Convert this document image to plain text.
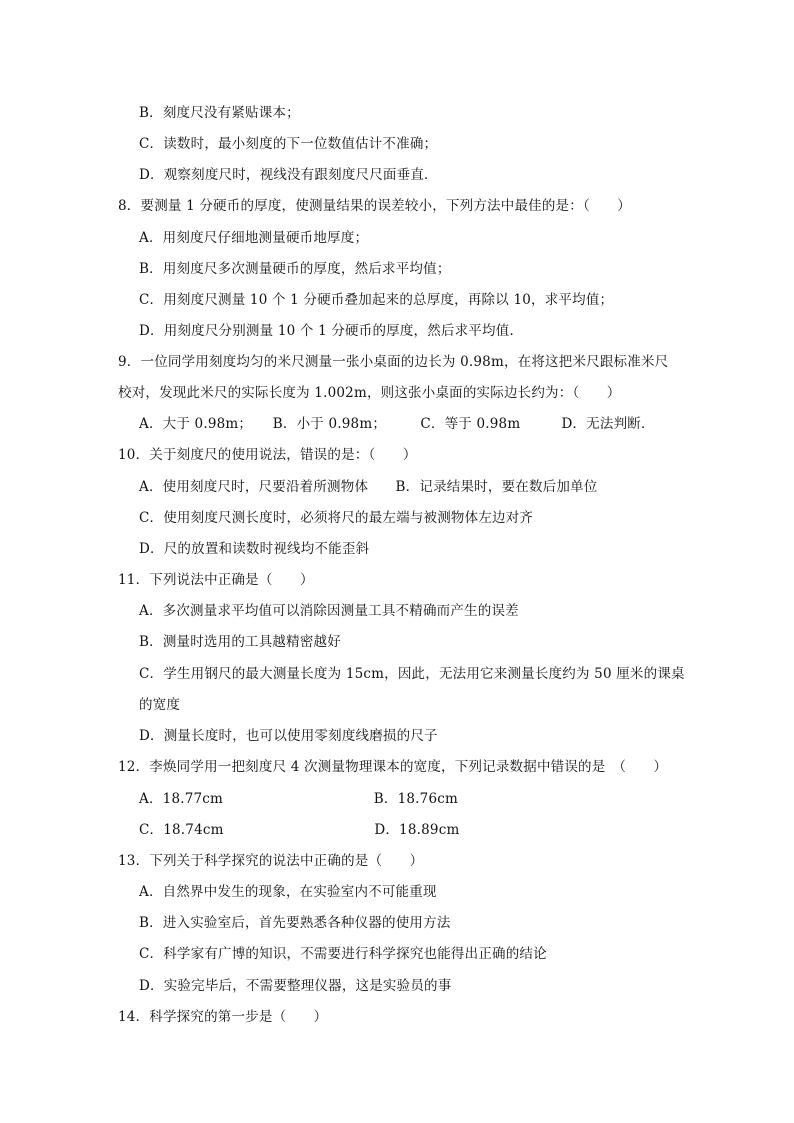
B．刻度尺没有紧贴课本；
C．读数时，最小刻度的下一位数值估计不准确；
D．观察刻度尺时，视线没有跟刻度尺尺面垂直．
8．要测量 1 分硬币的厚度，使测量结果的误差较小，下列方法中最佳的是：（　　）
A．用刻度尺仔细地测量硬币地厚度；
B．用刻度尺多次测量硬币的厚度，然后求平均值；
C．用刻度尺测量 10 个 1 分硬币叠加起来的总厚度，再除以 10，求平均值；
D．用刻度尺分别测量 10 个 1 分硬币的厚度，然后求平均值．
9．一位同学用刻度均匀的米尺测量一张小桌面的边长为 0.98m，在将这把米尺跟标准米尺
校对，发现此米尺的实际长度为 1.002m，则这张小桌面的实际边长约为：（　　）
A．大于 0.98m；　　B．小于 0.98m；　　　C．等于 0.98m　　　D．无法判断．
10．关于刻度尺的使用说法，错误的是：（　　）
A．使用刻度尺时，尺要沿着所测物体　　B．记录结果时，要在数后加单位
C．使用刻度尺测长度时，必须将尺的最左端与被测物体左边对齐
D．尺的放置和读数时视线均不能歪斜
11．下列说法中正确是（　　）
A．多次测量求平均值可以消除因测量工具不精确而产生的误差
B．测量时选用的工具越精密越好
C．学生用钢尺的最大测量长度为 15cm，因此，无法用它来测量长度约为 50 厘米的课桌
的宽度
D．测量长度时，也可以使用零刻度线磨损的尺子
12．李焕同学用一把刻度尺 4 次测量物理课本的宽度，下列记录数据中错误的是　（　　）
A．18.77cm　　　　　　　　　　　B．18.76cm
C．18.74cm　　　　　　　　　　　D．18.89cm
13．下列关于科学探究的说法中正确的是（　　）
A．自然界中发生的现象，在实验室内不可能重现
B．进入实验室后，首先要熟悉各种仪器的使用方法
C．科学家有广博的知识，不需要进行科学探究也能得出正确的结论
D．实验完毕后，不需要整理仪器，这是实验员的事
14．科学探究的第一步是（　　）
